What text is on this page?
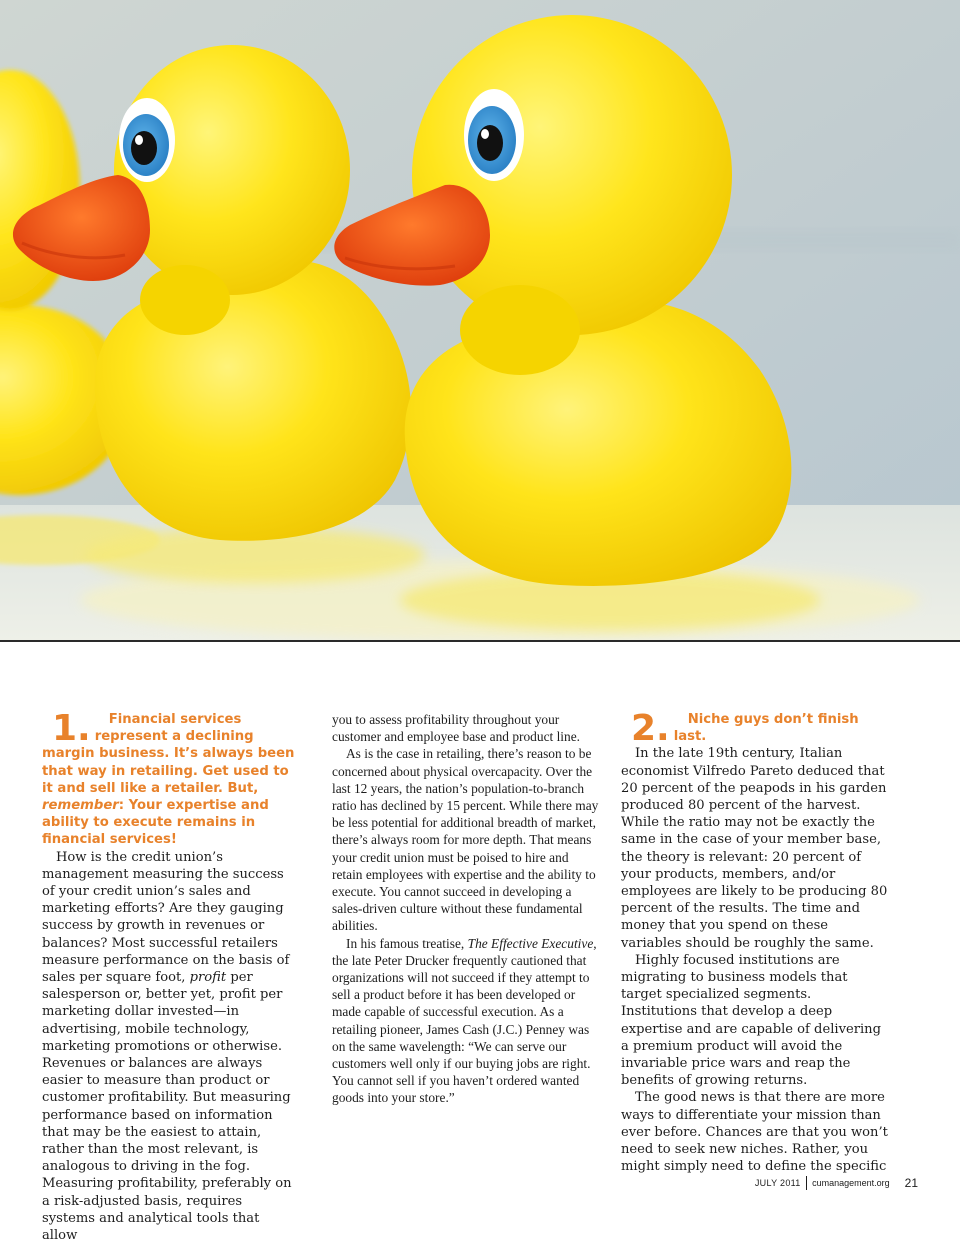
1.	Financial services represent a declining margin business. It’s always been that way in retailing. Get used to it and sell like a retailer. But, remember: Your expertise and ability to execute remains in financial services!

How is the credit union’s management measuring the success of your credit union’s sales and marketing efforts? Are they gauging success by growth in revenues or balances? Most successful retailers measure performance on the basis of sales per square foot, profit per salesperson or, better yet, profit per marketing dollar invested—in advertising, mobile technology, marketing promotions or otherwise. Revenues or balances are always easier to measure than product or customer profitability. But measuring performance based on information that may be the easiest to attain, rather than the most relevant, is analogous to driving in the fog. Measuring profitability, preferably on a risk-adjusted basis, requires systems and analytical tools that allow

you to assess profitability throughout your customer and employee base and product line.

As is the case in retailing, there’s reason to be concerned about physical overcapacity. Over the last 12 years, the nation’s population-to-branch ratio has declined by 15 percent. While there may be less potential for additional breadth of market, there’s always room for more depth. That means your credit union must be poised to hire and retain employees with expertise and the ability to execute. You cannot succeed in developing a sales-driven culture without these fundamental abilities.

In his famous treatise, The Effective Executive, the late Peter Drucker frequently cautioned that organizations will not succeed if they attempt to sell a product before it has been developed or made capable of successful execution. As a retailing pioneer, James Cash (J.C.) Penney was on the same wavelength: “We can serve our customers well only if our buying jobs are right. You cannot sell if you haven’t ordered wanted goods into your store.”

2.	Niche guys don’t finish last.

In the late 19th century, Italian economist Vilfredo Pareto deduced that 20 percent of the peapods in his garden produced 80 percent of the harvest. While the ratio may not be exactly the same in the case of your member base, the theory is relevant: 20 percent of your products, members, and/or employees are likely to be producing 80 percent of the results. The time and money that you spend on these variables should be roughly the same.

Highly focused institutions are migrating to business models that target specialized segments. Institutions that develop a deep expertise and are capable of delivering a premium product will avoid the invariable price wars and reap the benefits of growing returns.

The good news is that there are more ways to differentiate your mission than ever before. Chances are that you won’t need to seek new niches. Rather, you might simply need to define the specific

JULY 2011 cumanagement.org 21
